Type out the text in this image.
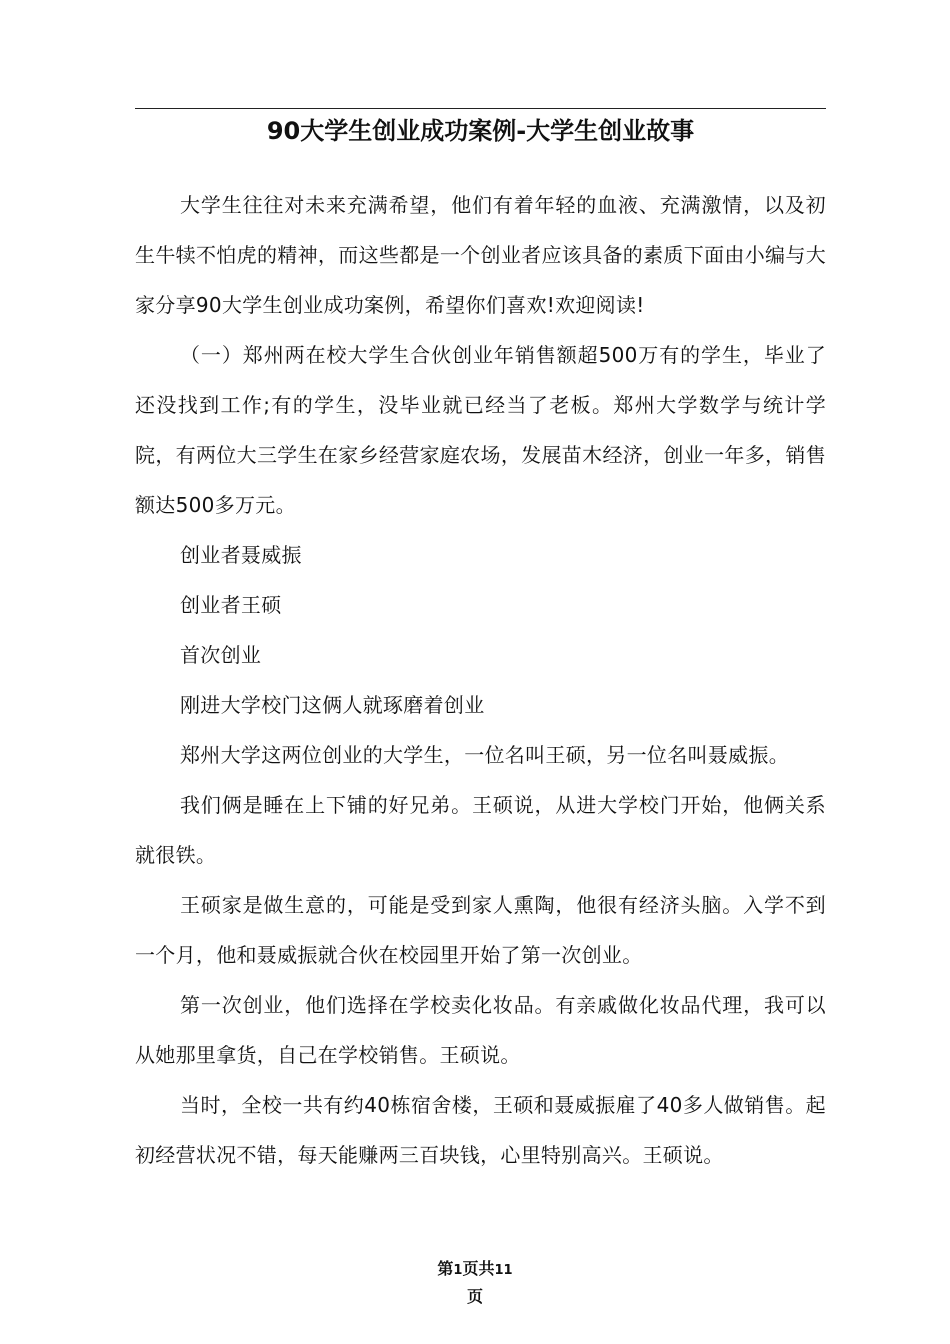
90大学生创业成功案例-大学生创业故事

大学生往往对未来充满希望，他们有着年轻的血液、充满激情，以及初生牛犊不怕虎的精神，而这些都是一个创业者应该具备的素质下面由小编与大家分享90大学生创业成功案例，希望你们喜欢!欢迎阅读!

（一）郑州两在校大学生合伙创业年销售额超500万有的学生，毕业了还没找到工作;有的学生，没毕业就已经当了老板。郑州大学数学与统计学院，有两位大三学生在家乡经营家庭农场，发展苗木经济，创业一年多，销售额达500多万元。

创业者聂威振

创业者王硕

首次创业

刚进大学校门这俩人就琢磨着创业

郑州大学这两位创业的大学生，一位名叫王硕，另一位名叫聂威振。

我们俩是睡在上下铺的好兄弟。王硕说，从进大学校门开始，他俩关系就很铁。

王硕家是做生意的，可能是受到家人熏陶，他很有经济头脑。入学不到一个月，他和聂威振就合伙在校园里开始了第一次创业。

第一次创业，他们选择在学校卖化妆品。有亲戚做化妆品代理，我可以从她那里拿货，自己在学校销售。王硕说。

当时，全校一共有约40栋宿舍楼，王硕和聂威振雇了40多人做销售。起初经营状况不错，每天能赚两三百块钱，心里特别高兴。王硕说。

第1页共11
页
